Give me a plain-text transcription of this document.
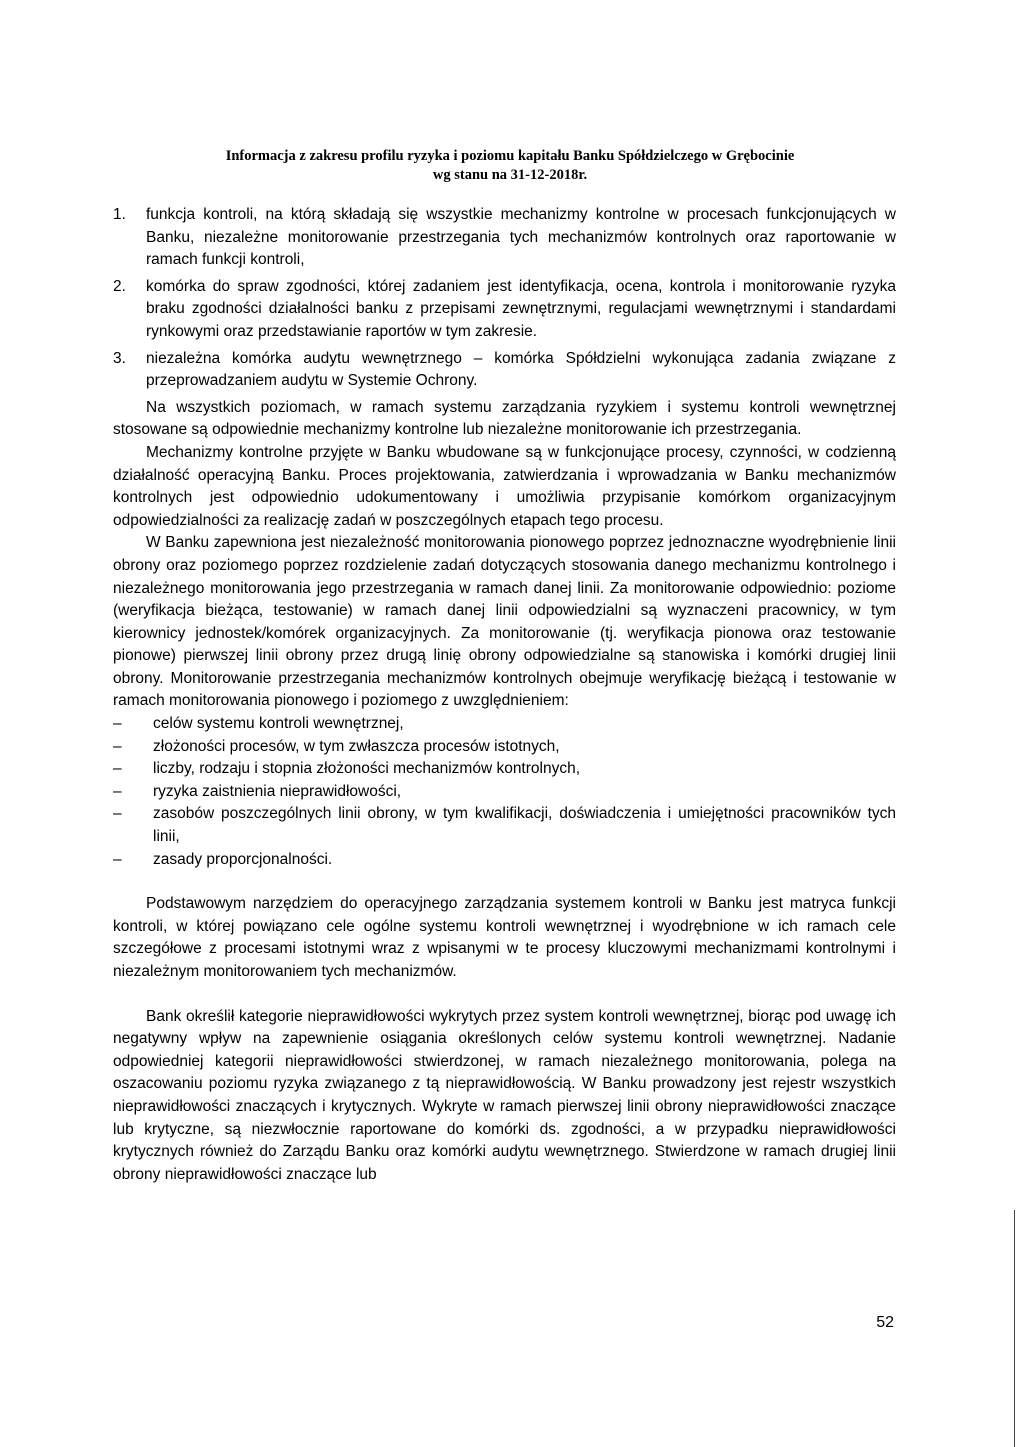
Informacja z zakresu profilu ryzyka i poziomu kapitału Banku Spółdzielczego w Grębocinie
wg stanu na 31-12-2018r.
1.	funkcja kontroli, na którą składają się wszystkie mechanizmy kontrolne w procesach funkcjonujących w Banku, niezależne monitorowanie przestrzegania tych mechanizmów kontrolnych oraz raportowanie w ramach funkcji kontroli,
2.	komórka do spraw zgodności, której zadaniem jest identyfikacja, ocena, kontrola i monitorowanie ryzyka braku zgodności działalności banku z przepisami zewnętrznymi, regulacjami wewnętrznymi i standardami rynkowymi oraz przedstawianie raportów w tym zakresie.
3.	niezależna komórka audytu wewnętrznego – komórka Spółdzielni wykonująca zadania związane z przeprowadzaniem audytu w Systemie Ochrony.

Na wszystkich poziomach, w ramach systemu zarządzania ryzykiem i systemu kontroli wewnętrznej stosowane są odpowiednie mechanizmy kontrolne lub niezależne monitorowanie ich przestrzegania.

Mechanizmy kontrolne przyjęte w Banku wbudowane są w funkcjonujące procesy, czynności, w codzienną działalność operacyjną Banku. Proces projektowania, zatwierdzania i wprowadzania w Banku mechanizmów kontrolnych jest odpowiednio udokumentowany i umożliwia przypisanie komórkom organizacyjnym odpowiedzialności za realizację zadań w poszczególnych etapach tego procesu.

W Banku zapewniona jest niezależność monitorowania pionowego poprzez jednoznaczne wyodrębnienie linii obrony oraz poziomego poprzez rozdzielenie zadań dotyczących stosowania danego mechanizmu kontrolnego i niezależnego monitorowania jego przestrzegania w ramach danej linii. Za monitorowanie odpowiednio: poziome (weryfikacja bieżąca, testowanie) w ramach danej linii odpowiedzialni są wyznaczeni pracownicy, w tym kierownicy jednostek/komórek organizacyjnych. Za monitorowanie (tj. weryfikacja pionowa oraz testowanie pionowe) pierwszej linii obrony przez drugą linię obrony odpowiedzialne są stanowiska i komórki drugiej linii obrony. Monitorowanie przestrzegania mechanizmów kontrolnych obejmuje weryfikację bieżącą i testowanie w ramach monitorowania pionowego i poziomego z uwzględnieniem:

–	celów systemu kontroli wewnętrznej,
–	złożoności procesów, w tym zwłaszcza procesów istotnych,
–	liczby, rodzaju i stopnia złożoności mechanizmów kontrolnych,
–	ryzyka zaistnienia nieprawidłowości,
–	zasobów poszczególnych linii obrony, w tym kwalifikacji, doświadczenia i umiejętności pracowników tych linii,
–	zasady proporcjonalności.

Podstawowym narzędziem do operacyjnego zarządzania systemem kontroli w Banku jest matryca funkcji kontroli, w której powiązano cele ogólne systemu kontroli wewnętrznej i wyodrębnione w ich ramach cele szczegółowe z procesami istotnymi wraz z wpisanymi w te procesy kluczowymi mechanizmami kontrolnymi i niezależnym monitorowaniem tych mechanizmów.

Bank określił kategorie nieprawidłowości wykrytych przez system kontroli wewnętrznej, biorąc pod uwagę ich negatywny wpływ na zapewnienie osiągania określonych celów systemu kontroli wewnętrznej. Nadanie odpowiedniej kategorii nieprawidłowości stwierdzonej, w ramach niezależnego monitorowania, polega na oszacowaniu poziomu ryzyka związanego z tą nieprawidłowością. W Banku prowadzony jest rejestr wszystkich nieprawidłowości znaczących i krytycznych. Wykryte w ramach pierwszej linii obrony nieprawidłowości znaczące lub krytyczne, są niezwłocznie raportowane do komórki ds. zgodności, a w przypadku nieprawidłowości krytycznych również do Zarządu Banku oraz komórki audytu wewnętrznego. Stwierdzone w ramach drugiej linii obrony nieprawidłowości znaczące lub

52
